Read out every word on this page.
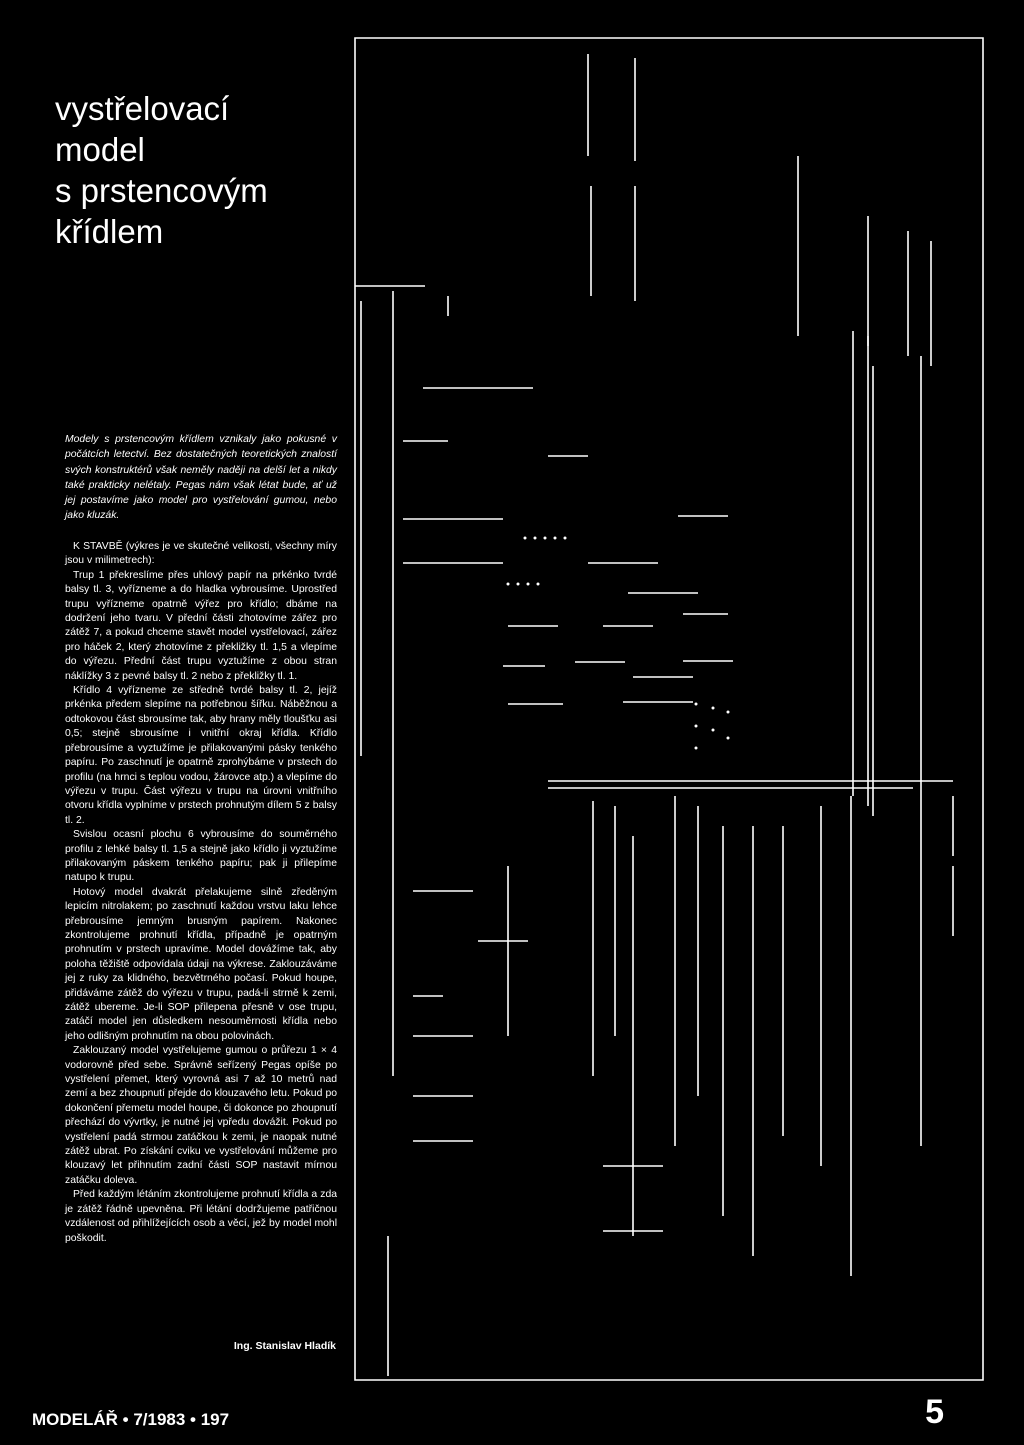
vystřelovací
model
s prstencovým
křídlem

Modely s prstencovým křídlem vznikaly jako pokusné v počátcích letectví. Bez dostatečných teoretických znalostí svých konstruktérů však neměly naději na delší let a nikdy také prakticky nelétaly. Pegas nám však létat bude, ať už jej postavíme jako model pro vystřelování gumou, nebo jako kluzák.

K STAVBĚ (výkres je ve skutečné velikosti, všechny míry jsou v milimetrech):

Trup 1 překreslíme přes uhlový papír na prkénko tvrdé balsy tl. 3, vyřízneme a do hladka vybrousíme. Uprostřed trupu vyřízneme opatrně výřez pro křídlo; dbáme na dodržení jeho tvaru. V přední části zhotovíme zářez pro zátěž 7, a pokud chceme stavět model vystřelovací, zářez pro háček 2, který zhotovíme z překližky tl. 1,5 a vlepíme do výřezu. Přední část trupu vyztužíme z obou stran náklížky 3 z pevné balsy tl. 2 nebo z překližky tl. 1.

Křídlo 4 vyřízneme ze středně tvrdé balsy tl. 2, jejíž prkénka předem slepíme na potřebnou šířku. Náběžnou a odtokovou část sbrousíme tak, aby hrany měly tloušťku asi 0,5; stejně sbrousíme i vnitřní okraj křídla. Křídlo přebrousíme a vyztužíme je přilakovanými pásky tenkého papíru. Po zaschnutí je opatrně zprohýbáme v prstech do profilu (na hrnci s teplou vodou, žárovce atp.) a vlepíme do výřezu v trupu. Část výřezu v trupu na úrovni vnitřního otvoru křídla vyplníme v prstech prohnutým dílem 5 z balsy tl. 2.

Svislou ocasní plochu 6 vybrousíme do souměrného profilu z lehké balsy tl. 1,5 a stejně jako křídlo ji vyztužíme přilakovaným páskem tenkého papíru; pak ji přilepíme natupo k trupu.

Hotový model dvakrát přelakujeme silně zředěným lepicím nitrolakem; po zaschnutí každou vrstvu laku lehce přebrousíme jemným brusným papírem. Nakonec zkontrolujeme prohnutí křídla, případně je opatrným prohnutím v prstech upravíme. Model dovážíme tak, aby poloha těžiště odpovídala údaji na výkrese. Zaklouzáváme jej z ruky za klidného, bezvětrného počasí. Pokud houpe, přidáváme zátěž do výřezu v trupu, padá-li strmě k zemi, zátěž ubereme. Je-li SOP přilepena přesně v ose trupu, zatáčí model jen důsledkem nesouměrnosti křídla nebo jeho odlišným prohnutím na obou polovinách.

Zaklouzaný model vystřelujeme gumou o průřezu 1 × 4 vodorovně před sebe. Správně seřízený Pegas opíše po vystřelení přemet, který vyrovná asi 7 až 10 metrů nad zemí a bez zhoupnutí přejde do klouzavého letu. Pokud po dokončení přemetu model houpe, či dokonce po zhoupnutí přechází do vývrtky, je nutné jej vpředu dovážit. Pokud po vystřelení padá strmou zatáčkou k zemi, je naopak nutné zátěž ubrat. Po získání cviku ve vystřelování můžeme pro klouzavý let přihnutím zadní části SOP nastavit mírnou zatáčku doleva.

Před každým létáním zkontrolujeme prohnutí křídla a zda je zátěž řádně upevněna. Při létání dodržujeme patřičnou vzdálenost od přihlížejících osob a věcí, jež by model mohl poškodit.

Ing. Stanislav Hladík
MODELÁŘ • 7/1983 • 197	5
